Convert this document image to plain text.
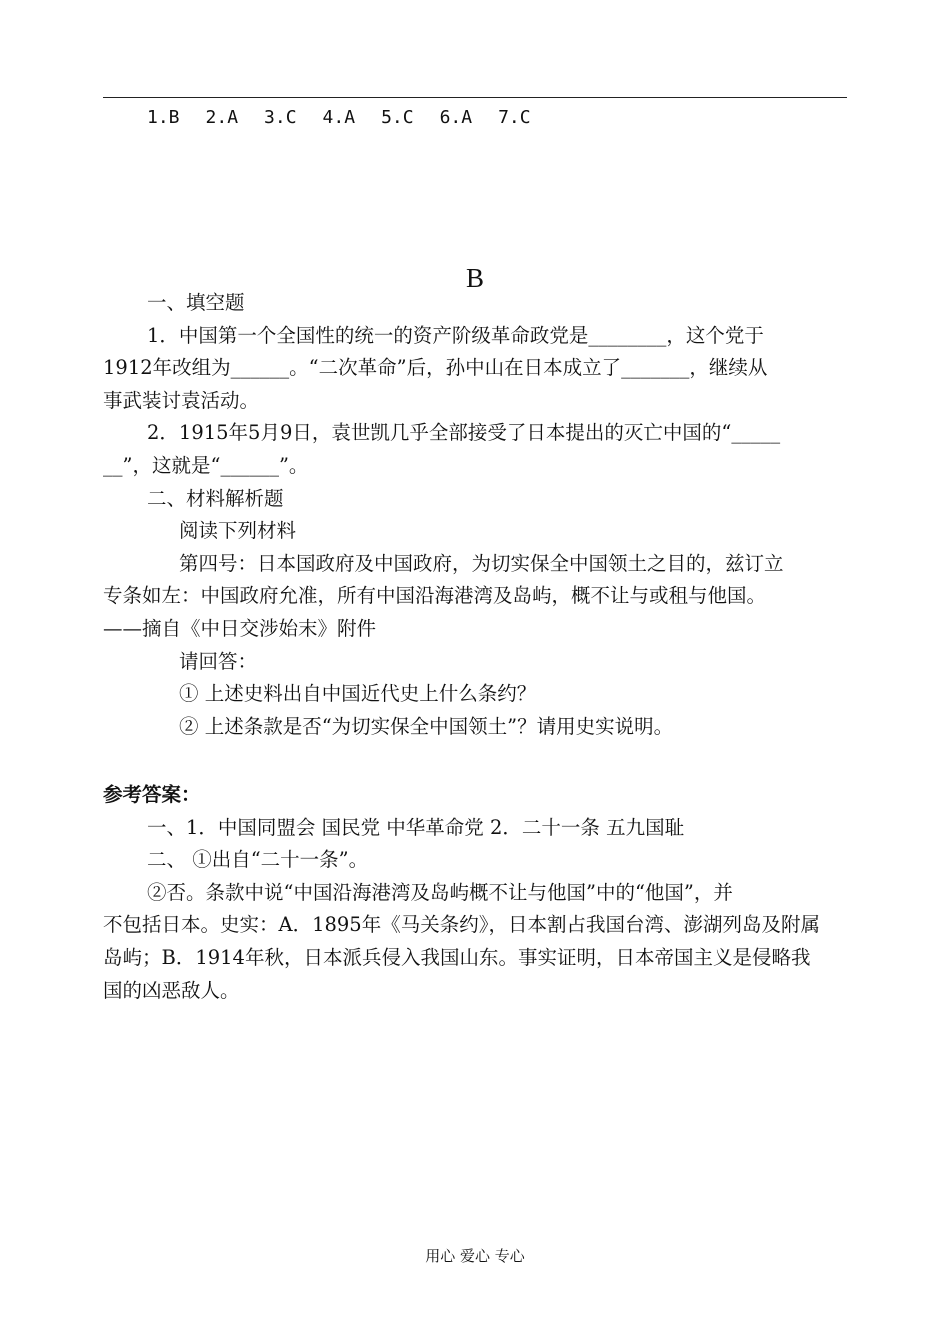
1.B 2.A 3.C 4.A 5.C 6.A 7.C
B
一、填空题
1．中国第一个全国性的统一的资产阶级革命政党是________，这个党于
1912年改组为______。“二次革命”后，孙中山在日本成立了_______，继续从
事武装讨袁活动。
2．1915年5月9日，袁世凯几乎全部接受了日本提出的灭亡中国的“_____
__”，这就是“______”。
二、材料解析题
阅读下列材料
第四号：日本国政府及中国政府，为切实保全中国领土之目的，兹订立
专条如左：中国政府允准，所有中国沿海港湾及岛屿，概不让与或租与他国。
——摘自《中日交涉始末》附件
请回答：
① 上述史料出自中国近代史上什么条约？
② 上述条款是否“为切实保全中国领土”？请用史实说明。
参考答案：
一、1．中国同盟会 国民党 中华革命党 2．二十一条 五九国耻
二、 ①出自“二十一条”。
②否。条款中说“中国沿海港湾及岛屿概不让与他国”中的“他国”，并
不包括日本。史实：A．1895年《马关条约》，日本割占我国台湾、澎湖列岛及附属
岛屿；B．1914年秋，日本派兵侵入我国山东。事实证明，日本帝国主义是侵略我
国的凶恶敌人。
用心 爱心 专心
